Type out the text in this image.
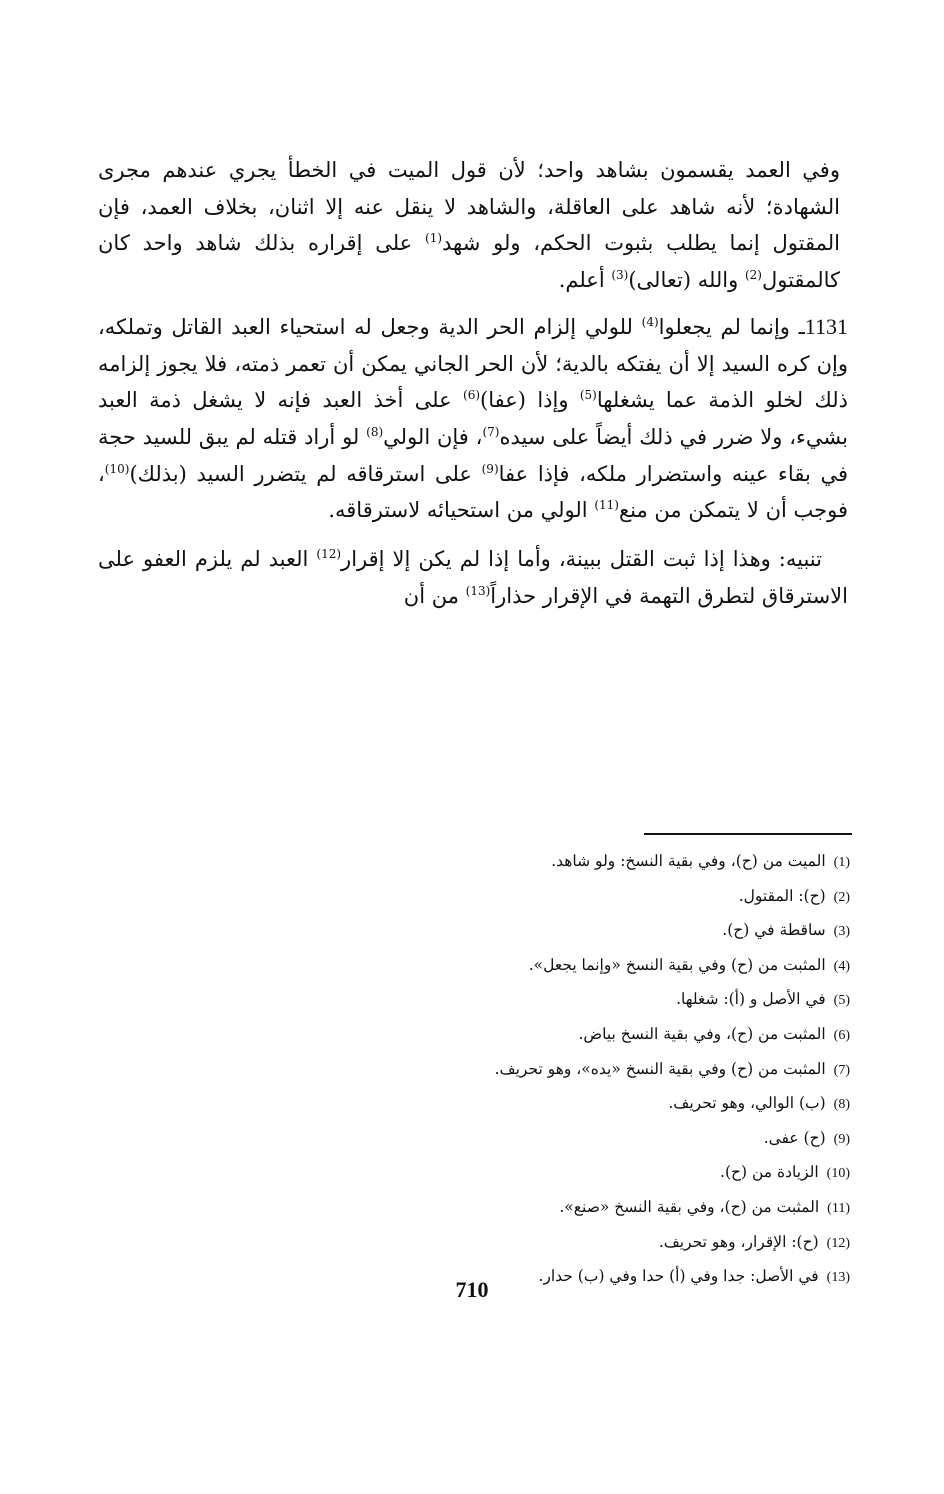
وفي العمد يقسمون بشاهد واحد؛ لأن قول الميت في الخطأ يجري عندهم مجرى الشهادة؛ لأنه شاهد على العاقلة، والشاهد لا ينقل عنه إلا اثنان، بخلاف العمد، فإن المقتول إنما يطلب بثبوت الحكم، ولو شهد$^{(1)}$ على إقراره بذلك شاهد واحد كان كالمقتول$^{(2)}$ والله (تعالى)$^{(3)}$ أعلم.

1131ـ وإنما لم يجعلوا$^{(4)}$ للولي إلزام الحر الدية وجعل له استحياء العبد القاتل وتملكه، وإن كره السيد إلا أن يفتكه بالدية؛ لأن الحر الجاني يمكن أن تعمر ذمته، فلا يجوز إلزامه ذلك لخلو الذمة عما يشغلها$^{(5)}$ وإذا (عفا)$^{(6)}$ على أخذ العبد فإنه لا يشغل ذمة العبد بشيء، ولا ضرر في ذلك أيضاً على سيده$^{(7)}$، فإن الولي$^{(8)}$ لو أراد قتله لم يبق للسيد حجة في بقاء عينه واستضرار ملكه، فإذا عفا$^{(9)}$ على استرقاقه لم يتضرر السيد (بذلك)$^{(10)}$، فوجب أن لا يتمكن من منع$^{(11)}$ الولي من استحيائه لاسترقاقه.

تنبيه: وهذا إذا ثبت القتل ببينة، وأما إذا لم يكن إلا إقرار$^{(12)}$ العبد لم يلزم العفو على الاسترقاق لتطرق التهمة في الإقرار حذاراً$^{(13)}$ من أن

(1)الميت من (ح)، وفي بقية النسخ: ولو شاهد.

(2)(ح): المقتول.

(3)ساقطة في (ح).

(4)المثبت من (ح) وفي بقية النسخ «وإنما يجعل».

(5)في الأصل و (أ): شغلها.

(6)المثبت من (ح)، وفي بقية النسخ بياض.

(7)المثبت من (ح) وفي بقية النسخ «يده»، وهو تحريف.

(8)(ب) الوالي، وهو تحريف.

(9)(ح) عفى.

(10)الزيادة من (ح).

(11)المثبت من (ح)، وفي بقية النسخ «صنع».

(12)(ح): الإقرار، وهو تحريف.

(13)في الأصل: جدا وفي (أ) حدا وفي (ب) حدار.

710
